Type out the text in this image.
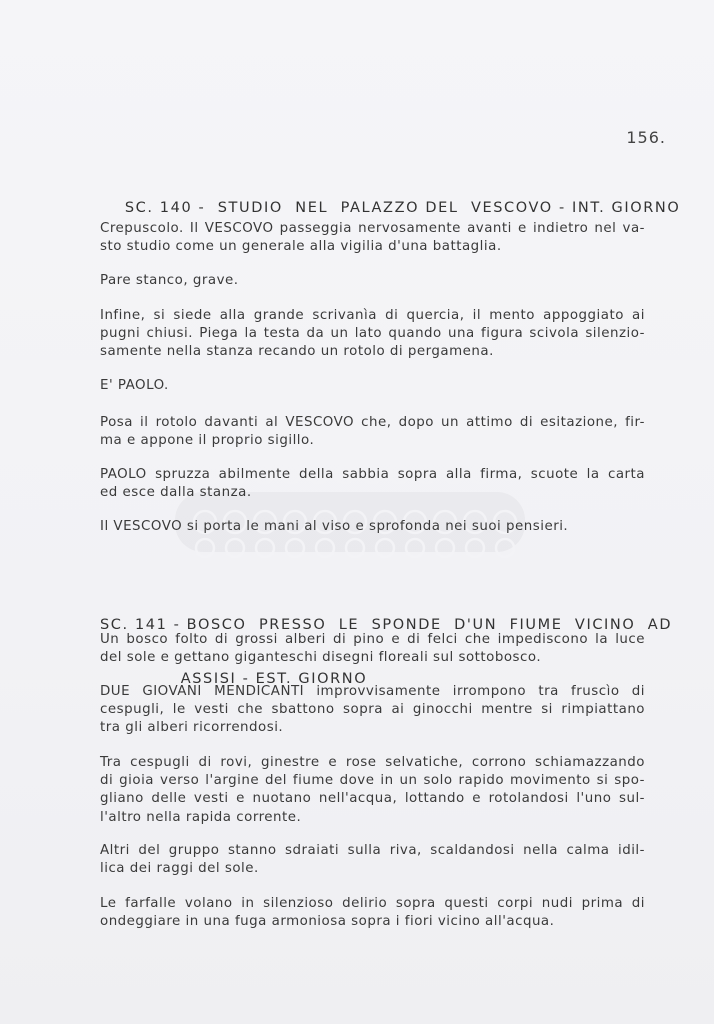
156.

SC. 140 -  STUDIO  NEL  PALAZZO DEL  VESCOVO - INT. GIORNO

Crepuscolo. Il VESCOVO passeggia nervosamente avanti e indietro nel va-
sto studio come un generale alla vigilia d'una battaglia.
Pare stanco, grave.
Infine, si siede alla grande scrivanìa di quercia, il mento appoggiato ai
pugni chiusi. Piega la testa da un lato quando una figura scivola silenzio-
samente nella stanza recando un rotolo di pergamena.
E' PAOLO.
Posa il rotolo davanti al VESCOVO che, dopo un attimo di esitazione, fir-
ma e appone il proprio sigillo.
PAOLO spruzza abilmente della sabbia sopra alla firma, scuote la carta
ed esce dalla stanza.
Il VESCOVO si porta le mani al viso e sprofonda nei suoi pensieri.

SC. 141 - BOSCO  PRESSO  LE  SPONDE  D'UN  FIUME  VICINO  AD

ASSISI - EST. GIORNO

Un bosco folto di grossi alberi di pino e di felci che impediscono la luce
del sole e gettano giganteschi disegni floreali sul sottobosco.
DUE GIOVANI MENDICANTI improvvisamente irrompono tra fruscìo di
cespugli, le vesti che sbattono sopra ai ginocchi mentre si rimpiattano
tra gli alberi ricorrendosi.
Tra cespugli di rovi, ginestre e rose selvatiche, corrono schiamazzando
di gioia verso l'argine del fiume dove in un solo rapido movimento si spo-
gliano delle vesti e nuotano nell'acqua, lottando e rotolandosi l'uno sul-
l'altro nella rapida corrente.
Altri del gruppo stanno sdraiati sulla riva, scaldandosi nella calma idil-
lica dei raggi del sole.
Le farfalle volano in silenzioso delirio sopra questi corpi nudi prima di
ondeggiare in una fuga armoniosa sopra i fiori vicino all'acqua.
